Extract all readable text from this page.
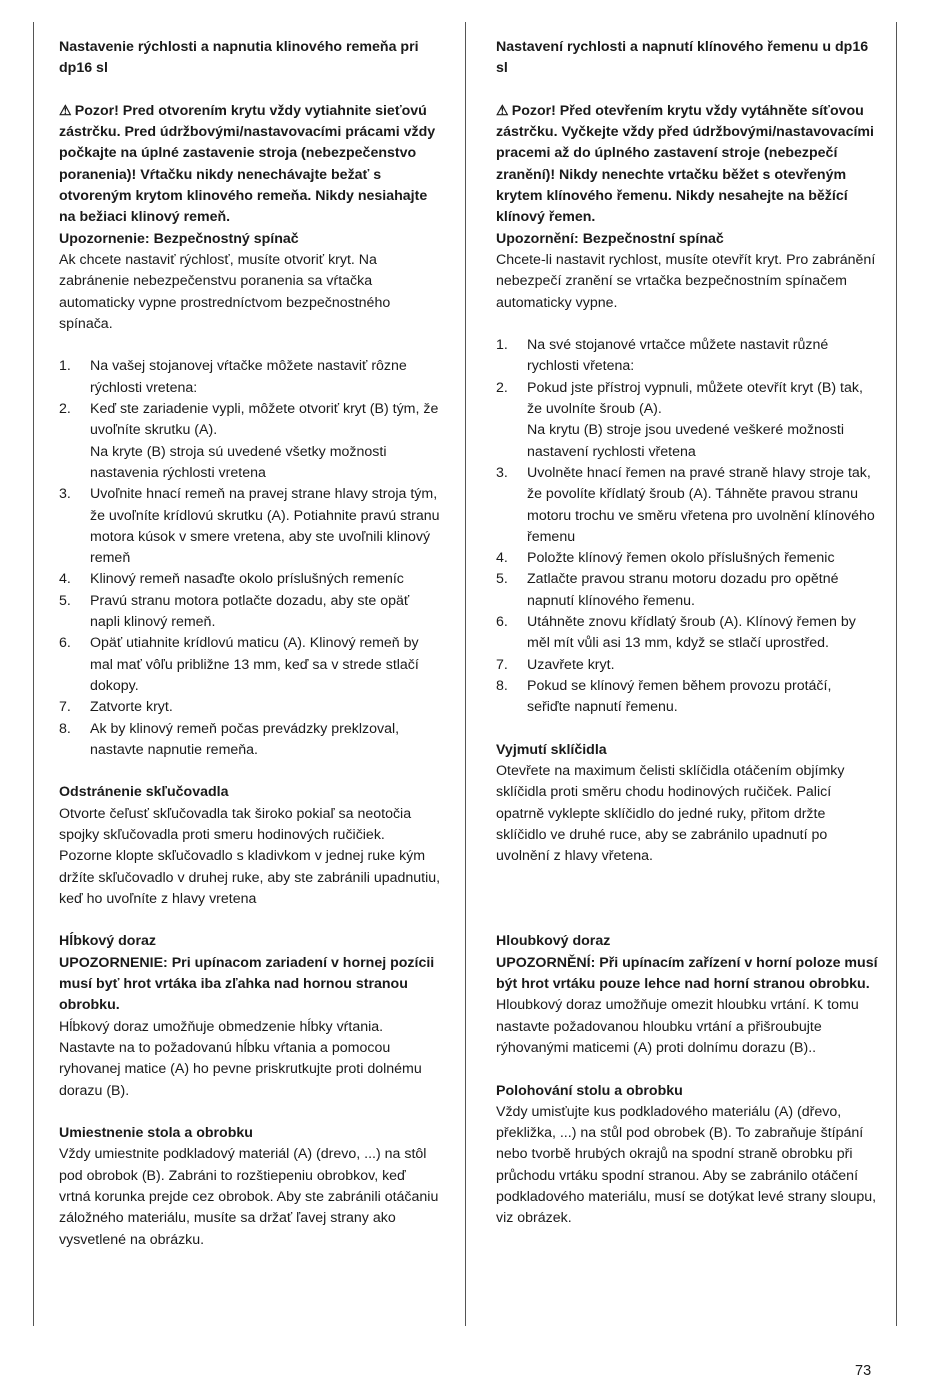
Nastavenie rýchlosti a napnutia klinového remeňa pri dp16 sl

⚠ Pozor! Pred otvorením krytu vždy vytiahnite sieťovú zástrčku. Pred údržbovými/nastavovacími prácami vždy počkajte na úplné zastavenie stroja (nebezpečenstvo poranenia)! Vŕtačku nikdy nenechávajte bežať s otvoreným krytom klinového remeňa. Nikdy nesiahajte na bežiaci klinový remeň.

Upozornenie: Bezpečnostný spínač

Ak chcete nastaviť rýchlosť, musíte otvoriť kryt. Na zabránenie nebezpečenstvu poranenia sa vŕtačka automaticky vypne prostredníctvom bezpečnostného spínača.

1. Na vašej stojanovej vŕtačke môžete nastaviť rôzne rýchlosti vretena:
2. Keď ste zariadenie vypli, môžete otvoriť kryt (B) tým, že uvoľníte skrutku (A).
Na kryte (B) stroja sú uvedené všetky možnosti nastavenia rýchlosti vretena
3. Uvoľnite hnací remeň na pravej strane hlavy stroja tým, že uvoľníte krídlovú skrutku (A). Potiahnite pravú stranu motora kúsok v smere vretena, aby ste uvoľnili klinový remeň
4. Klinový remeň nasaďte okolo príslušných remeníc
5. Pravú stranu motora potlačte dozadu, aby ste opäť napli klinový remeň.
6. Opäť utiahnite krídlovú maticu (A). Klinový remeň by mal mať vôľu približne 13 mm, keď sa v strede stlačí dokopy.
7. Zatvorte kryt.
8. Ak by klinový remeň počas prevádzky preklzoval, nastavte napnutie remeňa.

Odstránenie skľučovadla

Otvorte čeľusť skľučovadla tak široko pokiaľ sa neotočia spojky skľučovadla proti smeru hodinových ručičiek. Pozorne klopte skľučovadlo s kladivkom v jednej ruke kým držíte skľučovadlo v druhej ruke, aby ste zabránili upadnutiu, keď ho uvoľníte z hlavy vretena

Hĺbkový doraz

UPOZORNENIE: Pri upínacom zariadení v hornej pozícii musí byť hrot vrtáka iba zľahka nad hornou stranou obrobku.

Hĺbkový doraz umožňuje obmedzenie hĺbky vŕtania. Nastavte na to požadovanú hĺbku vŕtania a pomocou ryhovanej matice (A) ho pevne priskrutkujte proti dolnému dorazu (B).

Umiestnenie stola a obrobku

Vždy umiestnite podkladový materiál (A) (drevo, ...) na stôl pod obrobok (B). Zabráni to rozštiepeniu obrobkov, keď vrtná korunka prejde cez obrobok. Aby ste zabránili otáčaniu záložného materiálu, musíte sa držať ľavej strany ako vysvetlené na obrázku.

Nastavení rychlosti a napnutí klínového řemenu u dp16 sl

⚠ Pozor! Před otevřením krytu vždy vytáhněte síťovou zástrčku. Vyčkejte vždy před údržbovými/nastavovacími pracemi až do úplného zastavení stroje (nebezpečí zranění)! Nikdy nenechte vrtačku běžet s otevřeným krytem klínového řemenu. Nikdy nesahejte na běžící klínový řemen.

Upozornění: Bezpečnostní spínač

Chcete-li nastavit rychlost, musíte otevřít kryt. Pro zabránění nebezpečí zranění se vrtačka bezpečnostním spínačem automaticky vypne.

1. Na své stojanové vrtačce můžete nastavit různé rychlosti vřetena:
2. Pokud jste přístroj vypnuli, můžete otevřít kryt (B) tak, že uvolníte šroub (A).
Na krytu (B) stroje jsou uvedené veškeré možnosti nastavení rychlosti vřetena
3. Uvolněte hnací řemen na pravé straně hlavy stroje tak, že povolíte křídlatý šroub (A). Táhněte pravou stranu motoru trochu ve směru vřetena pro uvolnění klínového řemenu
4. Položte klínový řemen okolo příslušných řemenic
5. Zatlačte pravou stranu motoru dozadu pro opětné napnutí klínového řemenu.
6. Utáhněte znovu křídlatý šroub (A). Klínový řemen by měl mít vůli asi 13 mm, když se stlačí uprostřed.
7. Uzavřete kryt.
8. Pokud se klínový řemen během provozu protáčí, seřiďte napnutí řemenu.

Vyjmutí sklíčidla

Otevřete na maximum čelisti sklíčidla otáčením objímky sklíčidla proti směru chodu hodinových ručiček. Palicí opatrně vyklepte sklíčidlo do jedné ruky, přitom držte sklíčidlo ve druhé ruce, aby se zabránilo upadnutí po uvolnění z hlavy vřetena.

Hloubkový doraz

UPOZORNĚNÍ: Při upínacím zařízení v horní poloze musí být hrot vrtáku pouze lehce nad horní stranou obrobku.

Hloubkový doraz umožňuje omezit hloubku vrtání. K tomu nastavte požadovanou hloubku vrtání a přišroubujte rýhovanými maticemi (A) proti dolnímu dorazu (B)..

Polohování stolu a obrobku

Vždy umisťujte kus podkladového materiálu (A) (dřevo, překližka, ...) na stůl pod obrobek (B). To zabraňuje štípání nebo tvorbě hrubých okrajů na spodní straně obrobku při průchodu vrtáku spodní stranou. Aby se zabránilo otáčení podkladového materiálu, musí se dotýkat levé strany sloupu, viz obrázek.

73
